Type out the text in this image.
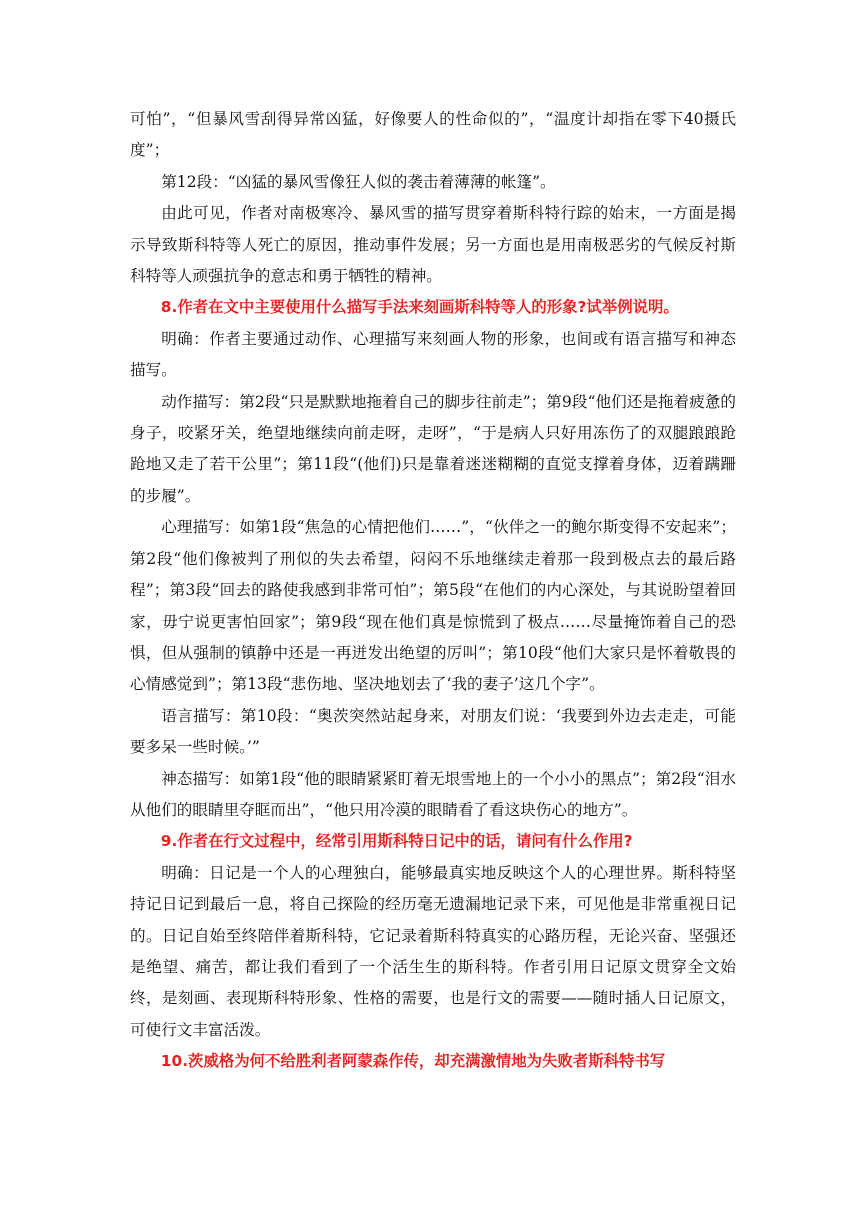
可怕”，“但暴风雪刮得异常凶猛，好像要人的性命似的”，“温度计却指在零下40摄氏度”；

第12段：“凶猛的暴风雪像狂人似的袭击着薄薄的帐篷”。

由此可见，作者对南极寒冷、暴风雪的描写贯穿着斯科特行踪的始末，一方面是揭示导致斯科特等人死亡的原因，推动事件发展；另一方面也是用南极恶劣的气候反衬斯科特等人顽强抗争的意志和勇于牺牲的精神。

8.作者在文中主要使用什么描写手法来刻画斯科特等人的形象?试举例说明。

明确：作者主要通过动作、心理描写来刻画人物的形象，也间或有语言描写和神态描写。

动作描写：第2段“只是默默地拖着自己的脚步往前走”；第9段“他们还是拖着疲惫的身子，咬紧牙关，绝望地继续向前走呀，走呀”，“于是病人只好用冻伤了的双腿踉踉跄跄地又走了若干公里”；第11段“(他们)只是靠着迷迷糊糊的直觉支撑着身体，迈着蹒跚的步履”。

心理描写：如第1段“焦急的心情把他们……”，“伙伴之一的鲍尔斯变得不安起来”；第2段“他们像被判了刑似的失去希望，闷闷不乐地继续走着那一段到极点去的最后路程”；第3段“回去的路使我感到非常可怕”；第5段“在他们的内心深处，与其说盼望着回家，毋宁说更害怕回家”；第9段“现在他们真是惊慌到了极点……尽量掩饰着自己的恐惧，但从强制的镇静中还是一再迸发出绝望的厉叫”；第10段“他们大家只是怀着敬畏的心情感觉到”；第13段“悲伤地、坚决地划去了‘我的妻子’这几个字”。

语言描写：第10段：“奥茨突然站起身来，对朋友们说：‘我要到外边去走走，可能要多呆一些时候。’”

神态描写：如第1段“他的眼睛紧紧盯着无垠雪地上的一个小小的黑点”；第2段“泪水从他们的眼睛里夺眶而出”，“他只用冷漠的眼睛看了看这块伤心的地方”。

9.作者在行文过程中，经常引用斯科特日记中的话，请问有什么作用?

明确：日记是一个人的心理独白，能够最真实地反映这个人的心理世界。斯科特坚持记日记到最后一息，将自己探险的经历毫无遗漏地记录下来，可见他是非常重视日记的。日记自始至终陪伴着斯科特，它记录着斯科特真实的心路历程，无论兴奋、坚强还是绝望、痛苦，都让我们看到了一个活生生的斯科特。作者引用日记原文贯穿全文始终，是刻画、表现斯科特形象、性格的需要，也是行文的需要——随时插人日记原文，可使行文丰富活泼。

10.茨威格为何不给胜利者阿蒙森作传，却充满激情地为失败者斯科特书写
